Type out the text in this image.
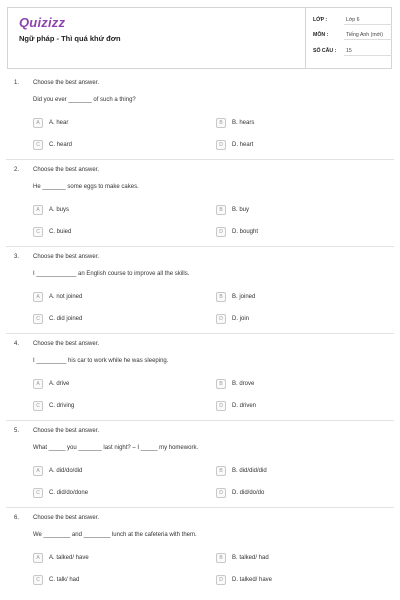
Quizizz
Ngữ pháp - Thì quá khứ đơn
LỚP :	Lớp 6
MÔN :	Tiếng Anh (mới)
SỐ CÂU : 15
1. Choose the best answer.
Did you ever _______ of such a thing?
A	A. hear	B	B. hears
C	C. heard	D	D. heart
2. Choose the best answer.
He _______ some eggs to make cakes.
A	A. buys	B	B. buy
C	C. buied	D	D. bought
3. Choose the best answer.
I ____________ an English course to improve all the skills.
A	A. not joined	B	B. joined
C	C. did joined	D	D. join
4. Choose the best answer.
I _________ his car to work while he was sleeping.
A	A. drive	B	B. drove
C	C. driving	D	D. driven
5. Choose the best answer.
What _____ you _______ last night? – I _____ my homework.
A	A. did/do/did	B	B. did/did/did
C	C. did/do/done	D	D. did/do/do
6. Choose the best answer.
We ________ and ________ lunch at the cafeteria with them.
A	A. talked/ have	B	B. talked/ had
C	C. talk/ had	D	D. talked/ have
